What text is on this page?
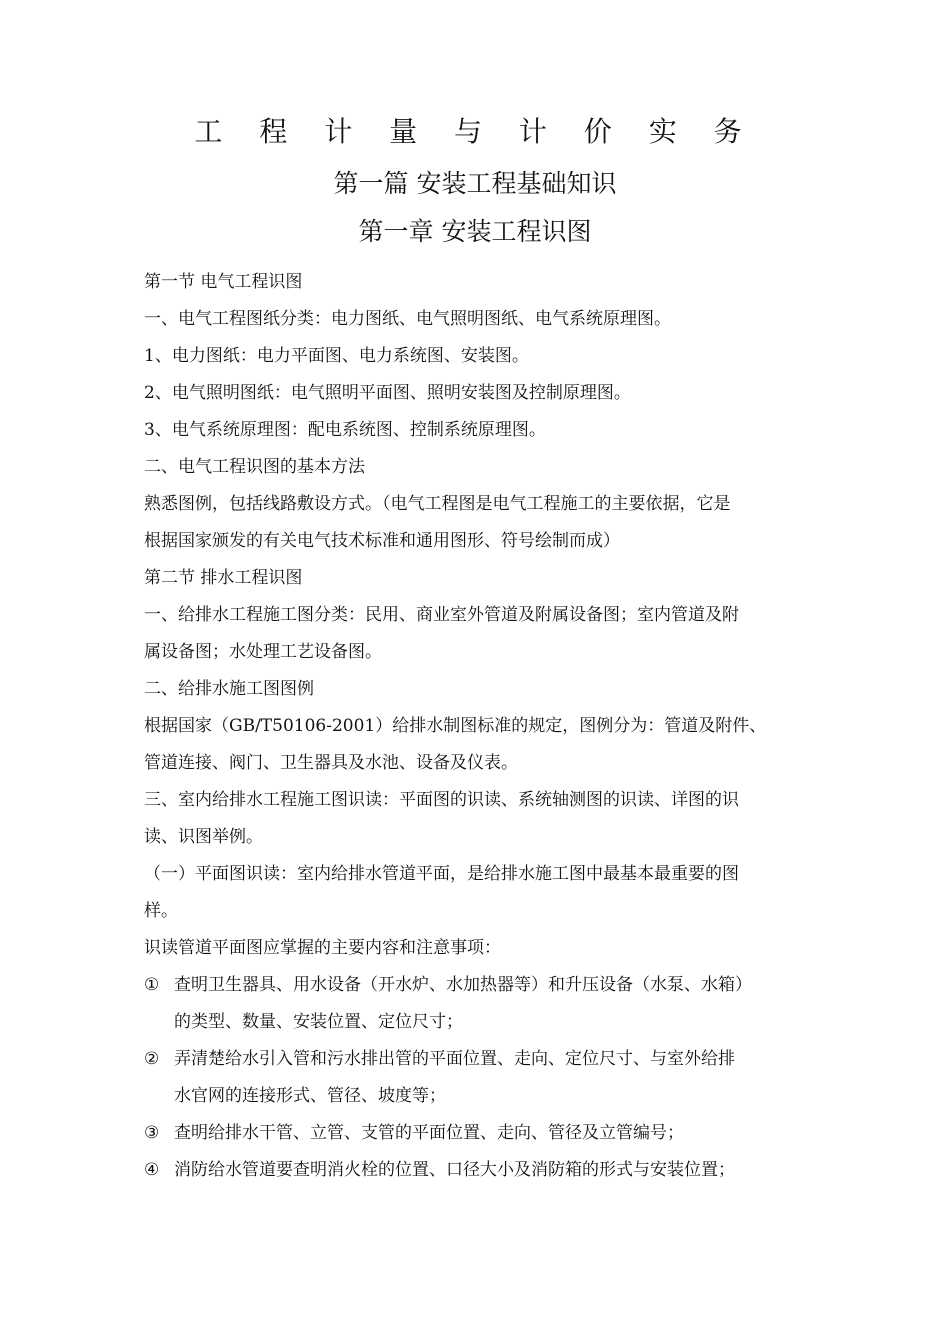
工 程 计 量 与 计 价 实 务
第一篇 安装工程基础知识
第一章 安装工程识图
第一节 电气工程识图
一、电气工程图纸分类：电力图纸、电气照明图纸、电气系统原理图。
1、电力图纸：电力平面图、电力系统图、安装图。
2、电气照明图纸：电气照明平面图、照明安装图及控制原理图。
3、电气系统原理图：配电系统图、控制系统原理图。
二、电气工程识图的基本方法
熟悉图例，包括线路敷设方式。（电气工程图是电气工程施工的主要依据，它是
根据国家颁发的有关电气技术标准和通用图形、符号绘制而成）
第二节 排水工程识图
一、给排水工程施工图分类：民用、商业室外管道及附属设备图；室内管道及附
属设备图；水处理工艺设备图。
二、给排水施工图图例
根据国家（GB/T50106-2001）给排水制图标准的规定，图例分为：管道及附件、
管道连接、阀门、卫生器具及水池、设备及仪表。
三、室内给排水工程施工图识读：平面图的识读、系统轴测图的识读、详图的识
读、识图举例。
（一）平面图识读：室内给排水管道平面，是给排水施工图中最基本最重要的图
样。
识读管道平面图应掌握的主要内容和注意事项：
① 查明卫生器具、用水设备（开水炉、水加热器等）和升压设备（水泵、水箱）
的类型、数量、安装位置、定位尺寸；
② 弄清楚给水引入管和污水排出管的平面位置、走向、定位尺寸、与室外给排
水官网的连接形式、管径、坡度等；
③ 查明给排水干管、立管、支管的平面位置、走向、管径及立管编号；
④ 消防给水管道要查明消火栓的位置、口径大小及消防箱的形式与安装位置；
